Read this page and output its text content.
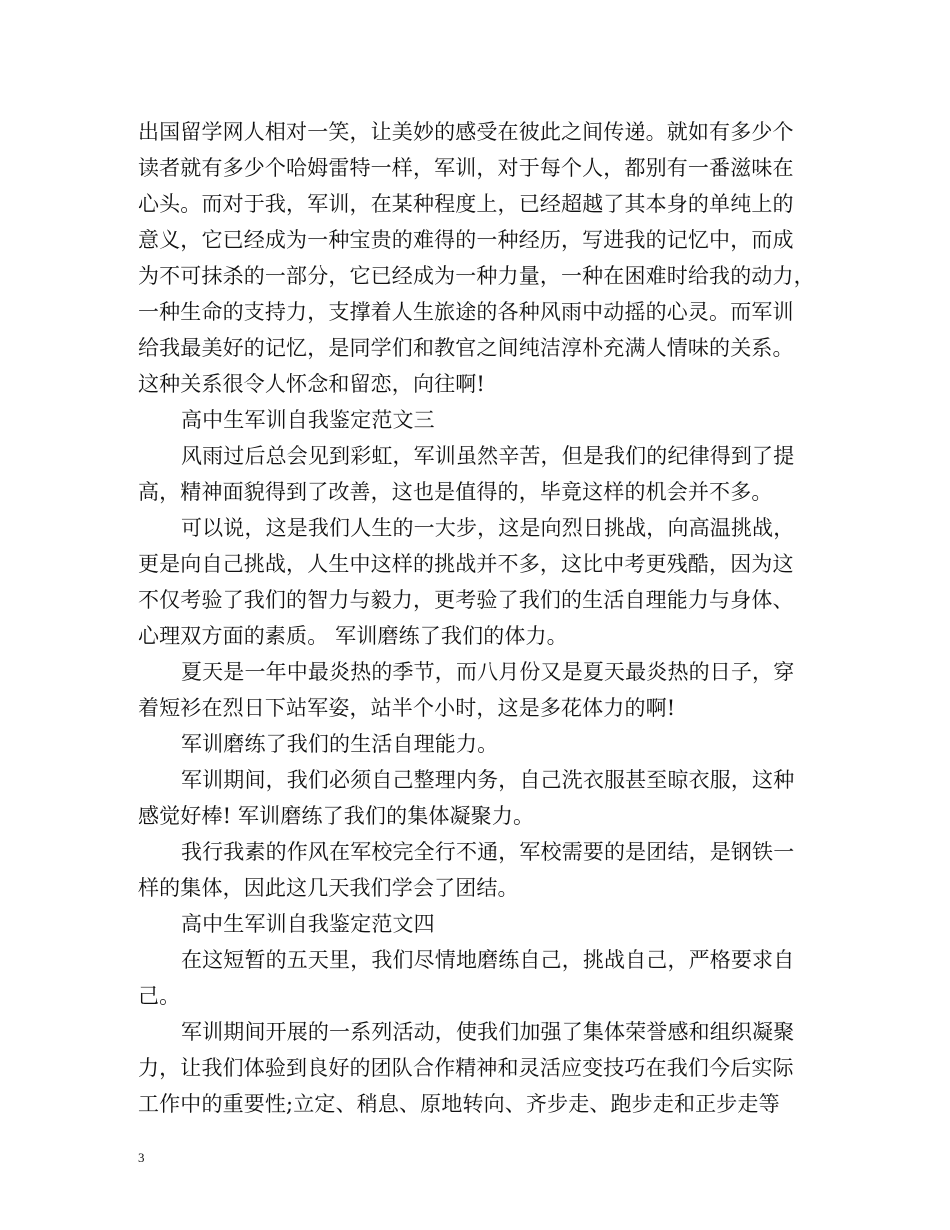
出国留学网人相对一笑，让美妙的感受在彼此之间传递。就如有多少个
读者就有多少个哈姆雷特一样，军训，对于每个人，都别有一番滋味在
心头。而对于我，军训，在某种程度上，已经超越了其本身的单纯上的
意义，它已经成为一种宝贵的难得的一种经历，写进我的记忆中，而成
为不可抹杀的一部分，它已经成为一种力量，一种在困难时给我的动力，
一种生命的支持力，支撑着人生旅途的各种风雨中动摇的心灵。而军训
给我最美好的记忆，是同学们和教官之间纯洁淳朴充满人情味的关系。
这种关系很令人怀念和留恋，向往啊!
高中生军训自我鉴定范文三
风雨过后总会见到彩虹，军训虽然辛苦，但是我们的纪律得到了提
高，精神面貌得到了改善，这也是值得的，毕竟这样的机会并不多。
可以说，这是我们人生的一大步，这是向烈日挑战，向高温挑战，
更是向自己挑战，人生中这样的挑战并不多，这比中考更残酷，因为这
不仅考验了我们的智力与毅力，更考验了我们的生活自理能力与身体、
心理双方面的素质。 军训磨练了我们的体力。
夏天是一年中最炎热的季节，而八月份又是夏天最炎热的日子，穿
着短衫在烈日下站军姿，站半个小时，这是多花体力的啊!
军训磨练了我们的生活自理能力。
军训期间，我们必须自己整理内务，自己洗衣服甚至晾衣服，这种
感觉好棒! 军训磨练了我们的集体凝聚力。
我行我素的作风在军校完全行不通，军校需要的是团结，是钢铁一
样的集体，因此这几天我们学会了团结。
高中生军训自我鉴定范文四
在这短暂的五天里，我们尽情地磨练自己，挑战自己，严格要求自
己。
军训期间开展的一系列活动，使我们加强了集体荣誉感和组织凝聚
力，让我们体验到良好的团队合作精神和灵活应变技巧在我们今后实际
工作中的重要性;立定、稍息、原地转向、齐步走、跑步走和正步走等
3
